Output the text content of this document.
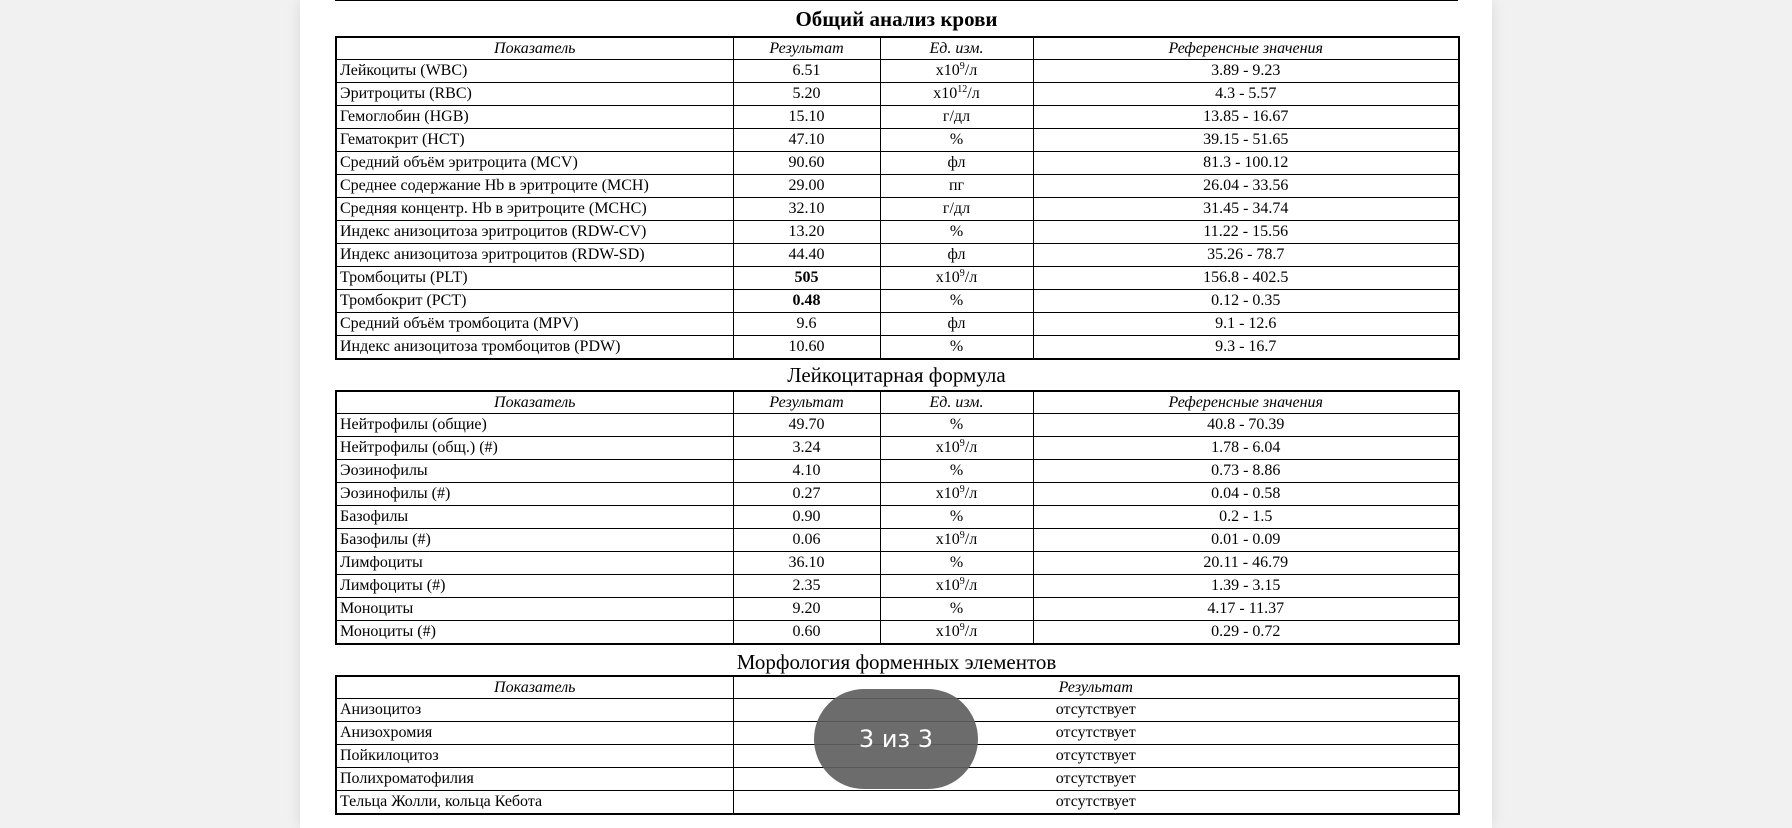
Общий анализ крови
Показатель	Результат	Ед. изм.	Референсные значения
Лейкоциты (WBC)	6.51	$x10^9/л$	3.89 - 9.23
Эритроциты (RBC)	5.20	$x10^{12}/л$	4.3 - 5.57
Гемоглобин (HGB)	15.10	г/дл	13.85 - 16.67
Гематокрит (HCT)	47.10	%	39.15 - 51.65
Средний объём эритроцита (MCV)	90.60	фл	81.3 - 100.12
Среднее содержание Hb в эритроците (MCH)	29.00	пг	26.04 - 33.56
Средняя концентр. Hb в эритроците (MCHC)	32.10	г/дл	31.45 - 34.74
Индекс анизоцитоза эритроцитов (RDW-CV)	13.20	%	11.22 - 15.56
Индекс анизоцитоза эритроцитов (RDW-SD)	44.40	фл	35.26 - 78.7
Тромбоциты (PLT)	505	$x10^9/л$	156.8 - 402.5
Тромбокрит (PCT)	0.48	%	0.12 - 0.35
Средний объём тромбоцита (MPV)	9.6	фл	9.1 - 12.6
Индекс анизоцитоза тромбоцитов (PDW)	10.60	%	9.3 - 16.7
Лейкоцитарная формула
Показатель	Результат	Ед. изм.	Референсные значения
Нейтрофилы (общие)	49.70	%	40.8 - 70.39
Нейтрофилы (общ.) (#)	3.24	$x10^9/л$	1.78 - 6.04
Эозинофилы	4.10	%	0.73 - 8.86
Эозинофилы (#)	0.27	$x10^9/л$	0.04 - 0.58
Базофилы	0.90	%	0.2 - 1.5
Базофилы (#)	0.06	$x10^9/л$	0.01 - 0.09
Лимфоциты	36.10	%	20.11 - 46.79
Лимфоциты (#)	2.35	$x10^9/л$	1.39 - 3.15
Моноциты	9.20	%	4.17 - 11.37
Моноциты (#)	0.60	$x10^9/л$	0.29 - 0.72
Морфология форменных элементов
Показатель	Результат
Анизоцитоз	отсутствует
Анизохромия	отсутствует
Пойкилоцитоз	отсутствует
Полихроматофилия	отсутствует
Тельца Жолли, кольца Кебота	отсутствует
3 из 3
